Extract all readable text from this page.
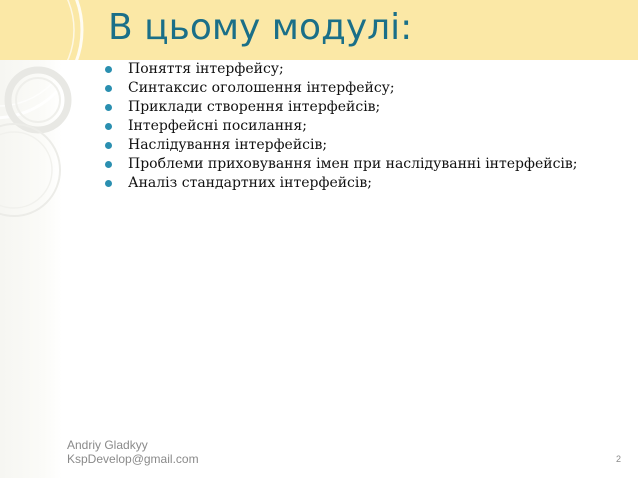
В цьому модулі:
Поняття інтерфейсу;
Синтаксис оголошення інтерфейсу;
Приклади створення інтерфейсів;
Інтерфейсні посилання;
Наслідування інтерфейсів;
Проблеми приховування імен при наслідуванні інтерфейсів;
Аналіз стандартних інтерфейсів;
Andriy Gladkyy
KspDevelop@gmail.com	2
